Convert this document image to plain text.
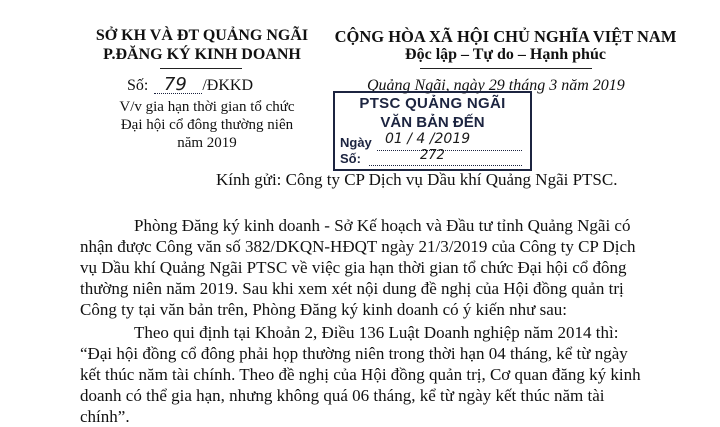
SỞ KH VÀ ĐT QUẢNG NGÃI
P.ĐĂNG KÝ KINH DOANH
Số: 79 /ĐKKD
V/v gia hạn thời gian tổ chức
Đại hội cổ đông thường niên
năm 2019
CỘNG HÒA XÃ HỘI CHỦ NGHĨA VIỆT NAM
Độc lập – Tự do – Hạnh phúc
Quảng Ngãi, ngày 29 tháng 3 năm 2019
PTSC QUẢNG NGÃI
VĂN BẢN ĐẾN
Ngày 01 / 4 /2019
Số:	272
Kính gửi: Công ty CP Dịch vụ Dầu khí Quảng Ngãi PTSC.
Phòng Đăng ký kinh doanh - Sở Kế hoạch và Đầu tư tỉnh Quảng Ngãi có
nhận được Công văn số 382/DKQN-HĐQT ngày 21/3/2019 của Công ty CP Dịch
vụ Dầu khí Quảng Ngãi PTSC về việc gia hạn thời gian tổ chức Đại hội cổ đông
thường niên năm 2019. Sau khi xem xét nội dung đề nghị của Hội đồng quản trị
Công ty tại văn bản trên, Phòng Đăng ký kinh doanh có ý kiến như sau:
Theo qui định tại Khoản 2, Điều 136 Luật Doanh nghiệp năm 2014 thì:
“Đại hội đồng cổ đông phải họp thường niên trong thời hạn 04 tháng, kể từ ngày
kết thúc năm tài chính. Theo đề nghị của Hội đồng quản trị, Cơ quan đăng ký kinh
doanh có thể gia hạn, nhưng không quá 06 tháng, kể từ ngày kết thúc năm tài
chính”.
